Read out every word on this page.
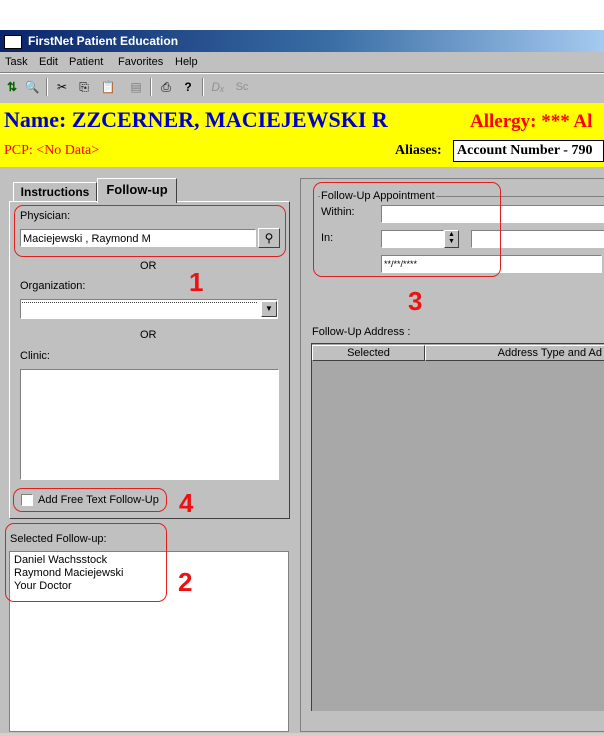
FirstNet Patient Education
Task Edit Patient Favorites Help
⇅ 🔍 ✂ ⎘ 📋 ▤ ⎙	?	Dₓ Sc
Name: ZZCERNER, MACIEJEWSKI R	Allergy: *** Al
PCP: <No Data>	Aliases: Account Number - 790
Instructions	Follow-up
Physician:
Maciejewski , Raymond M	⚲
OR
Organization:
▼
OR
Clinic:
Add Free Text Follow-Up
Selected Follow-up:
Daniel Wachsstock
Raymond Maciejewski
Your Doctor
Follow-Up Appointment
Within:
In:	▲
▼
**/**/****
Follow-Up Address :
Selected	Address Type and Ad
1
2
3
4
